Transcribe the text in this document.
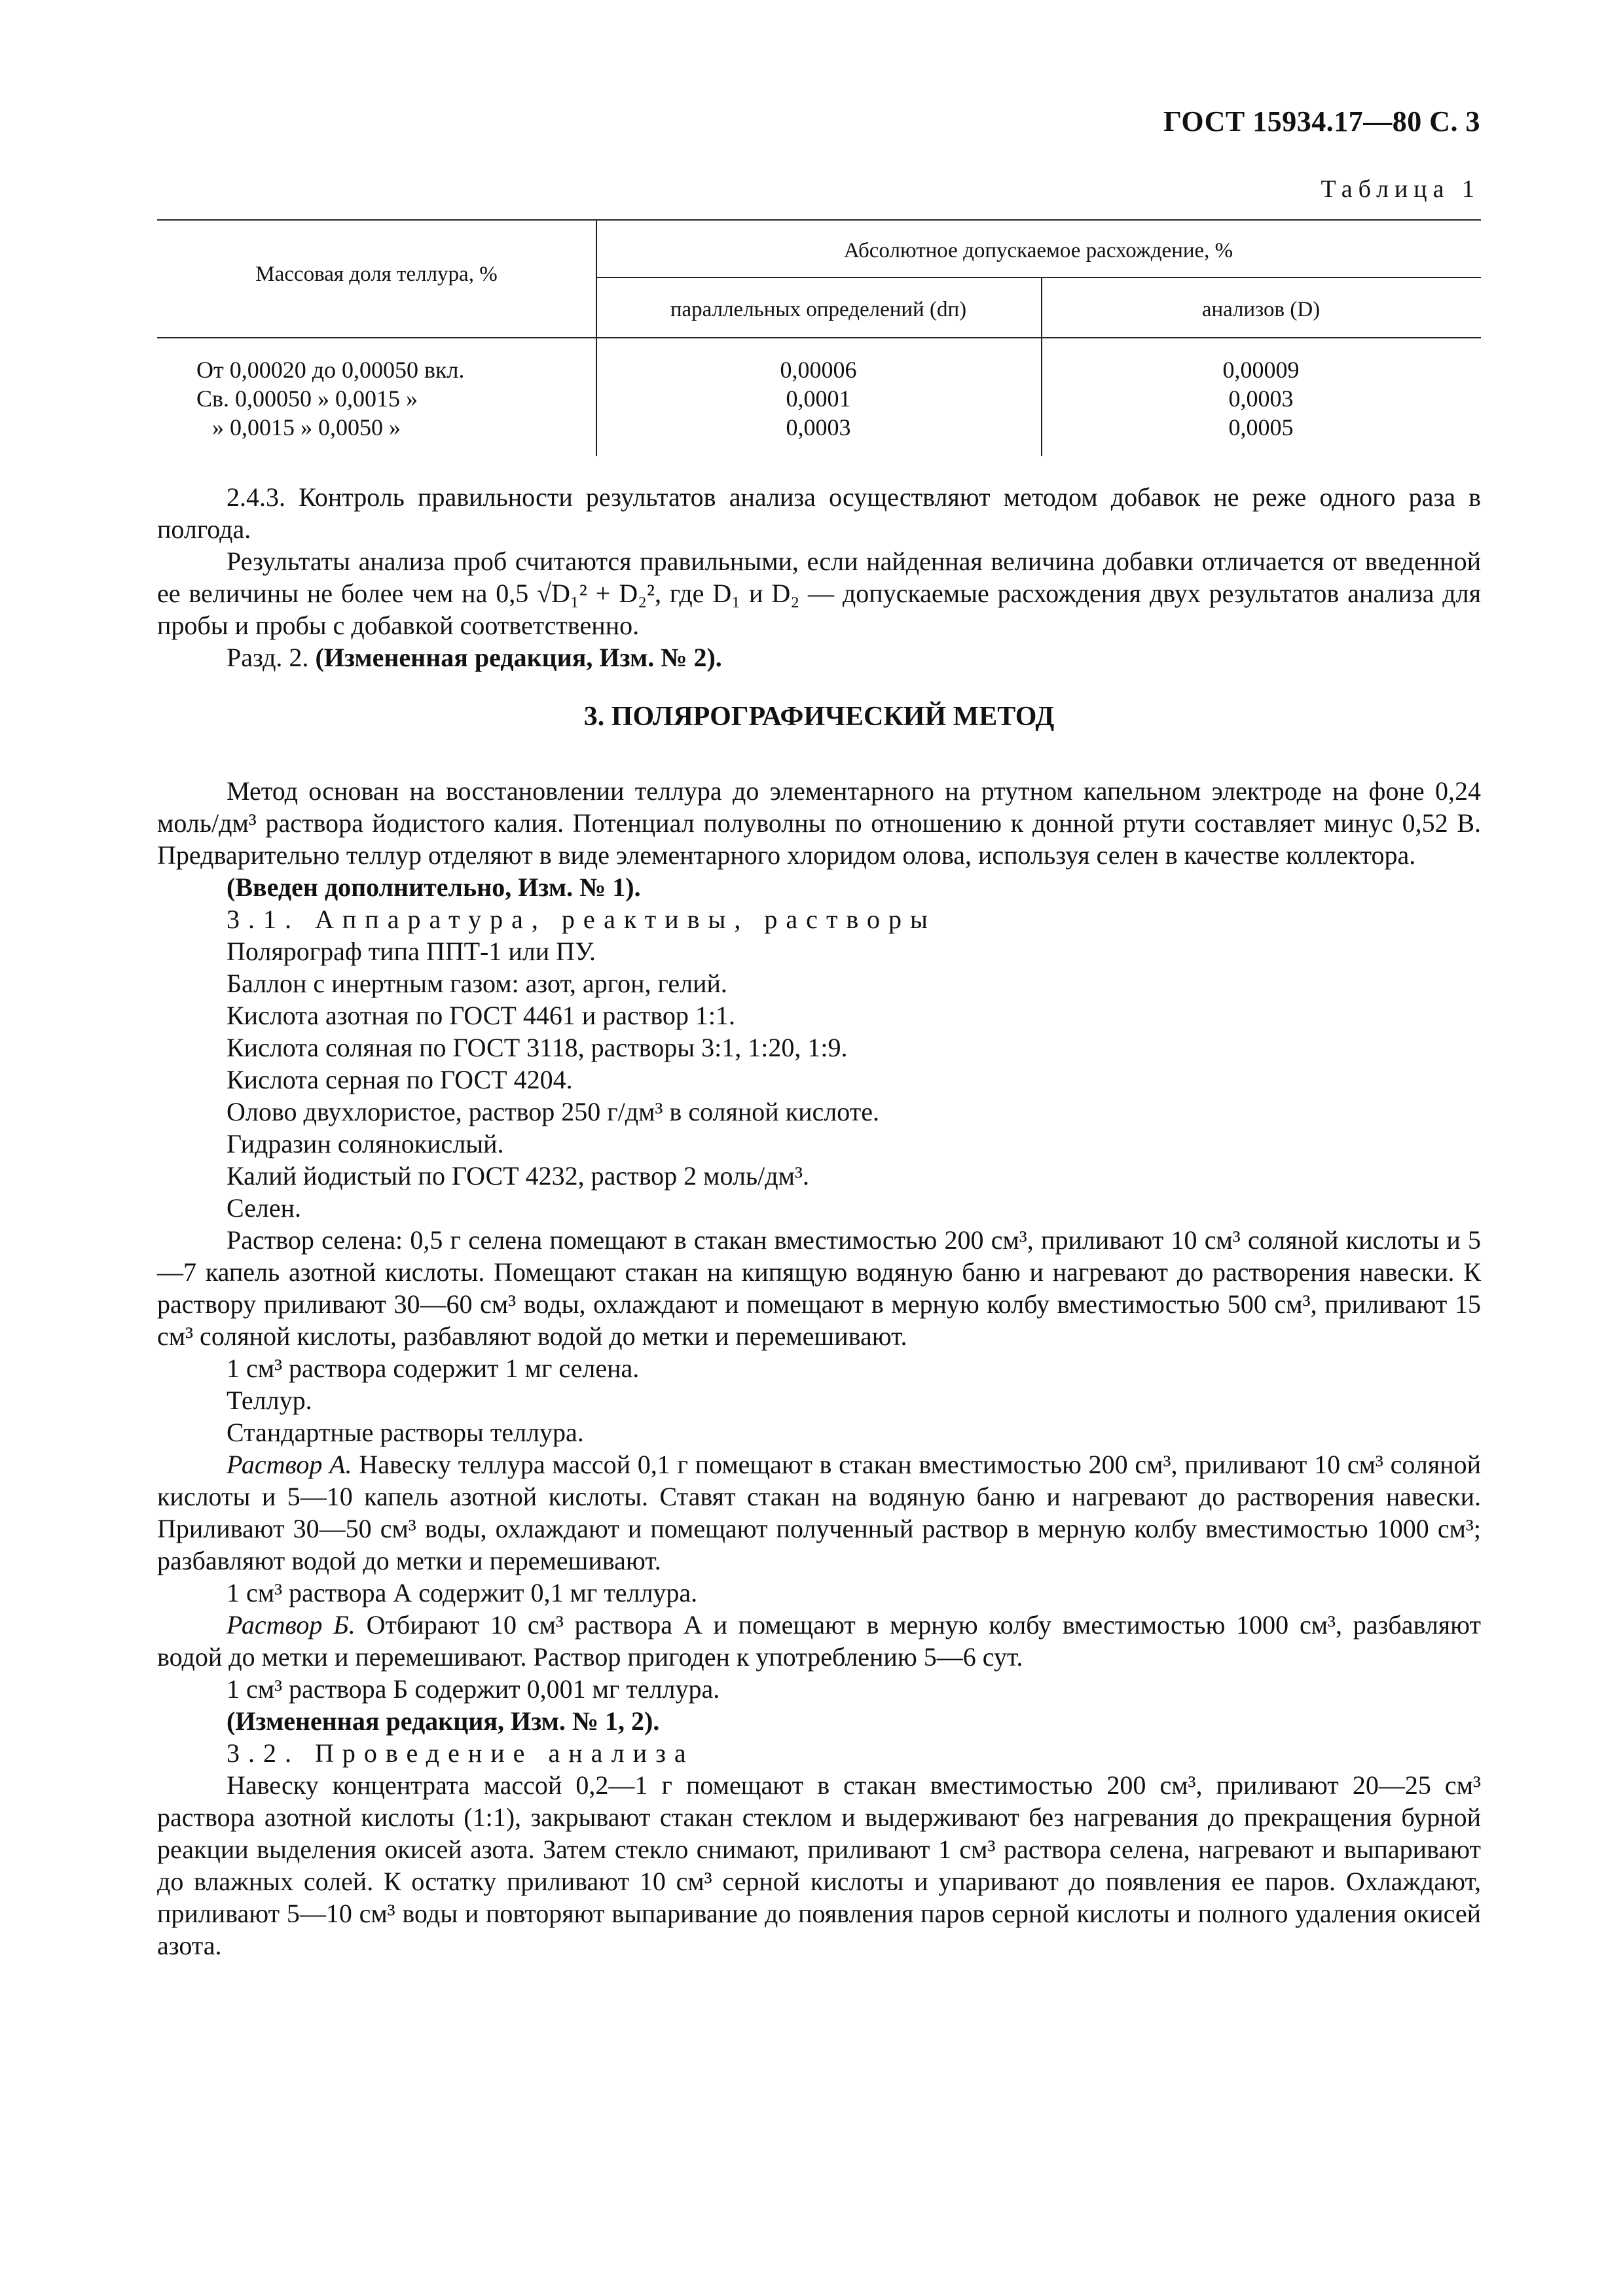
ГОСТ 15934.17—80 С. 3
Таблица 1
Массовая доля теллура, %
Абсолютное допускаемое расхождение, %
параллельных определений (dп)	анализов (D)
От 0,00020 до 0,00050 вкл.
Св. 0,00050 » 0,0015 »
» 0,0015 » 0,0050 »
0,00006
0,0001
0,0003
0,00009
0,0003
0,0005

2.4.3. Контроль правильности результатов анализа осуществляют методом добавок не реже одного раза в полгода.

Результаты анализа проб считаются правильными, если найденная величина добавки отличается от введенной ее величины не более чем на 0,5 √D₁² + D₂², где D₁ и D₂ — допускаемые расхождения двух результатов анализа для пробы и пробы с добавкой соответственно.

Разд. 2. (Измененная редакция, Изм. № 2).

3. ПОЛЯРОГРАФИЧЕСКИЙ МЕТОД

Метод основан на восстановлении теллура до элементарного на ртутном капельном электроде на фоне 0,24 моль/дм³ раствора йодистого калия. Потенциал полуволны по отношению к донной ртути составляет минус 0,52 В. Предварительно теллур отделяют в виде элементарного хлоридом олова, используя селен в качестве коллектора.

(Введен дополнительно, Изм. № 1).

3.1. Аппаратура, реактивы, растворы

Полярограф типа ППТ-1 или ПУ.

Баллон с инертным газом: азот, аргон, гелий.

Кислота азотная по ГОСТ 4461 и раствор 1:1.

Кислота соляная по ГОСТ 3118, растворы 3:1, 1:20, 1:9.

Кислота серная по ГОСТ 4204.

Олово двухлористое, раствор 250 г/дм³ в соляной кислоте.

Гидразин солянокислый.

Калий йодистый по ГОСТ 4232, раствор 2 моль/дм³.

Селен.

Раствор селена: 0,5 г селена помещают в стакан вместимостью 200 см³, приливают 10 см³ соляной кислоты и 5—7 капель азотной кислоты. Помещают стакан на кипящую водяную баню и нагревают до растворения навески. К раствору приливают 30—60 см³ воды, охлаждают и помещают в мерную колбу вместимостью 500 см³, приливают 15 см³ соляной кислоты, разбавляют водой до метки и перемешивают.

1 см³ раствора содержит 1 мг селена.

Теллур.

Стандартные растворы теллура.

Раствор А. Навеску теллура массой 0,1 г помещают в стакан вместимостью 200 см³, приливают 10 см³ соляной кислоты и 5—10 капель азотной кислоты. Ставят стакан на водяную баню и нагревают до растворения навески. Приливают 30—50 см³ воды, охлаждают и помещают полученный раствор в мерную колбу вместимостью 1000 см³; разбавляют водой до метки и перемешивают.

1 см³ раствора А содержит 0,1 мг теллура.

Раствор Б. Отбирают 10 см³ раствора А и помещают в мерную колбу вместимостью 1000 см³, разбавляют водой до метки и перемешивают. Раствор пригоден к употреблению 5—6 сут.

1 см³ раствора Б содержит 0,001 мг теллура.

(Измененная редакция, Изм. № 1, 2).

3.2. Проведение анализа

Навеску концентрата массой 0,2—1 г помещают в стакан вместимостью 200 см³, приливают 20—25 см³ раствора азотной кислоты (1:1), закрывают стакан стеклом и выдерживают без нагревания до прекращения бурной реакции выделения окисей азота. Затем стекло снимают, приливают 1 см³ раствора селена, нагревают и выпаривают до влажных солей. К остатку приливают 10 см³ серной кислоты и упаривают до появления ее паров. Охлаждают, приливают 5—10 см³ воды и повторяют выпаривание до появления паров серной кислоты и полного удаления окисей азота.
